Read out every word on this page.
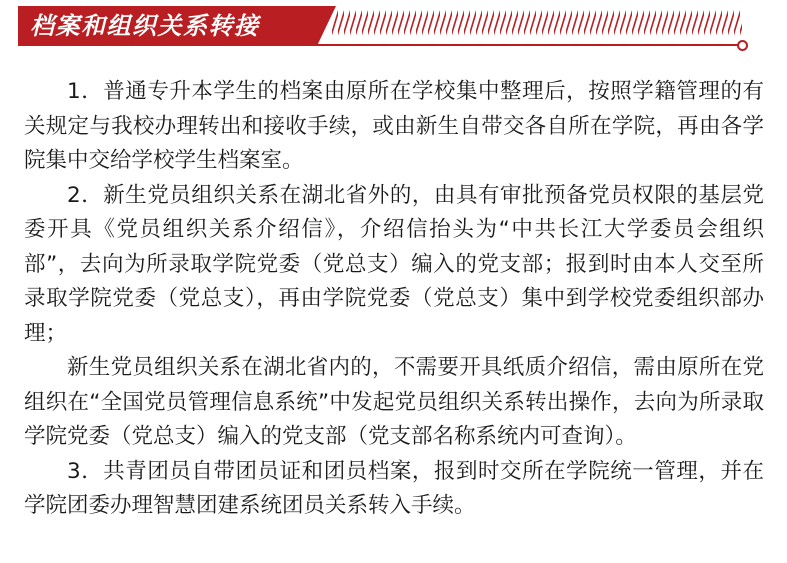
档案和组织关系转接

1．普通专升本学生的档案由原所在学校集中整理后，按照学籍管理的有关规定与我校办理转出和接收手续，或由新生自带交各自所在学院，再由各学院集中交给学校学生档案室。

2．新生党员组织关系在湖北省外的，由具有审批预备党员权限的基层党委开具《党员组织关系介绍信》，介绍信抬头为“中共长江大学委员会组织部”，去向为所录取学院党委（党总支）编入的党支部；报到时由本人交至所录取学院党委（党总支），再由学院党委（党总支）集中到学校党委组织部办理；

新生党员组织关系在湖北省内的，不需要开具纸质介绍信，需由原所在党组织在“全国党员管理信息系统”中发起党员组织关系转出操作，去向为所录取学院党委（党总支）编入的党支部（党支部名称系统内可查询）。

3．共青团员自带团员证和团员档案，报到时交所在学院统一管理，并在学院团委办理智慧团建系统团员关系转入手续。
